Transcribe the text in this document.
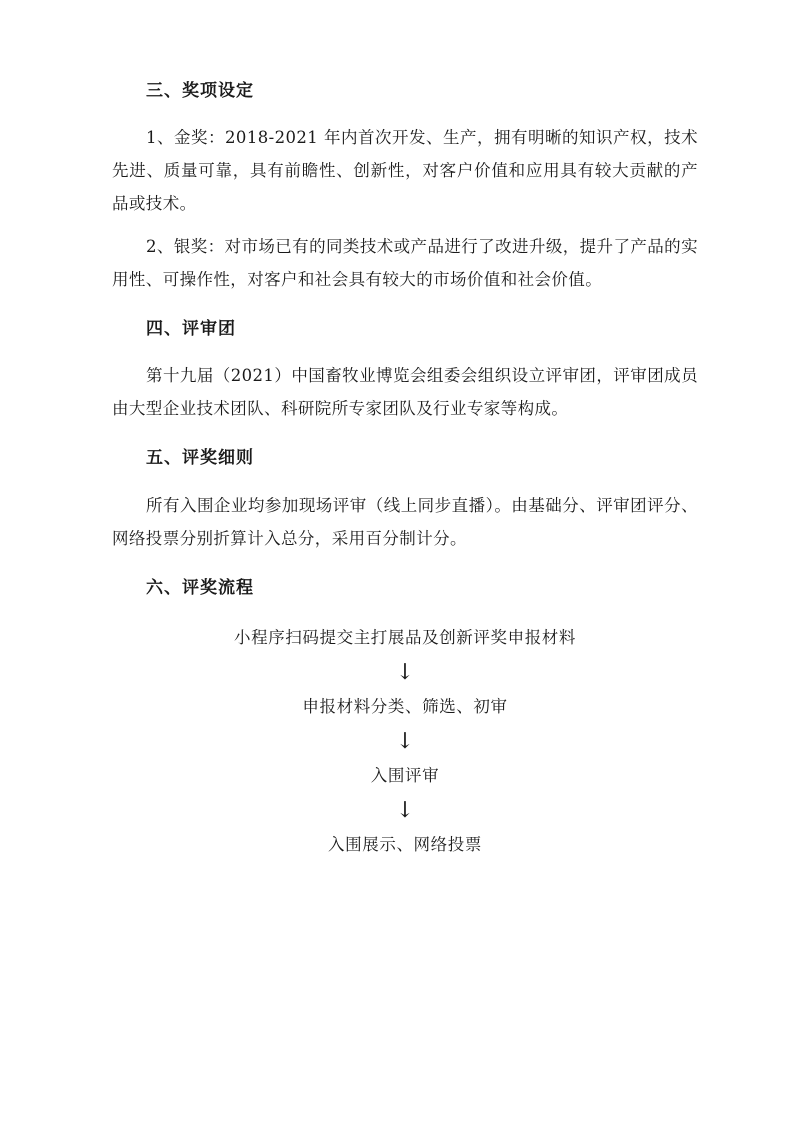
三、奖项设定

1、金奖：2018-2021 年内首次开发、生产，拥有明晰的知识产权，技术先进、质量可靠，具有前瞻性、创新性，对客户价值和应用具有较大贡献的产品或技术。

2、银奖：对市场已有的同类技术或产品进行了改进升级，提升了产品的实用性、可操作性，对客户和社会具有较大的市场价值和社会价值。

四、评审团

第十九届（2021）中国畜牧业博览会组委会组织设立评审团，评审团成员由大型企业技术团队、科研院所专家团队及行业专家等构成。

五、评奖细则

所有入围企业均参加现场评审（线上同步直播）。由基础分、评审团评分、网络投票分别折算计入总分，采用百分制计分。

六、评奖流程
小程序扫码提交主打展品及创新评奖申报材料
↓
申报材料分类、筛选、初审
↓
入围评审
↓
入围展示、网络投票
